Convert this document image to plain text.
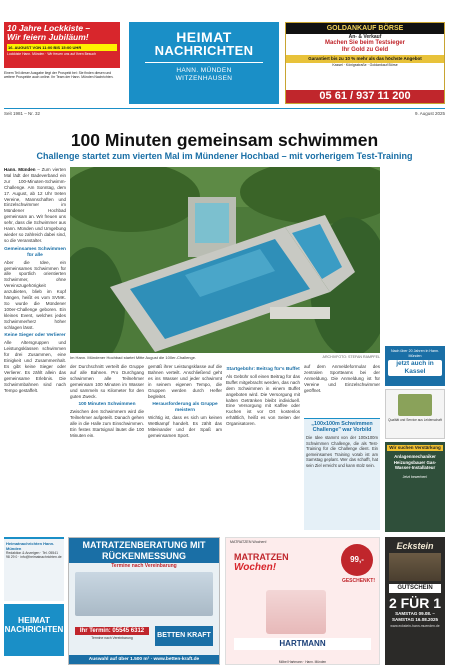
10 Jahre Lockkiste –
Wir feiern Jubiläum!
16. AUGUST VON 11:00 BIS 15:00 UHR
Lockkiste Hann. Münden · Wir freuen uns auf Ihren Besuch
Einem Teil dieser Ausgabe liegt der Prospekt bei: Sie finden diesen und weitere Prospekte auch online. Ihr Team der Hann. Münden Nachrichten.
HEIMAT
NACHRICHTEN
HANN. MÜNDEN
WITZENHAUSEN
GOLDANKAUF BÖRSE
An- & Verkauf
Machen Sie beim Testsieger
Ihr Gold zu Geld
Garantiert bis zu 10 % mehr als das höchste Angebot
Kassel · Königsstraße · Goldankauf Börse
05 61 / 937 11 200
Seit 1981 – Nr. 32	9. August 2025
100 Minuten gemeinsam schwimmen
Challenge startet zum vierten Mal im Mündener Hochbad – mit vorherigem Test-Training

Hann. Münden – Zum vierten Mal lädt der Badeverband ein zur 100-Minuten-Schwimm-Challenge. Am Sonntag, dem 17. August, ab 12 Uhr treten Vereine, Mannschaften und Einzelschwimmer im Mündener Hochbad gemeinsam an. Wir freuen uns sehr, dass die Schwimmer aus Hann. Münden und Umgebung wieder so zahlreich dabei sind, so die Veranstalter.

Gemeinsames Schwimmen für alle

Aber die Idee, ein gemeinsames Schwimmen für alle sportlich orientierten Schwimmer, ohne Vereinszugehörigkeit anzubieten, blieb im Kopf hängen, heißt es vom SVMK. So wurde die Mündener 100er-Challenge geboren. Ein kleines Event, welches jedes Schwimmerherz höher schlagen lässt.

Keine Sieger oder Verlierer

Alle Altersgruppen und Leistungsklassen schwimmen für drei Zusammen, eine Einigkeit und Zusammenhalt. Es gibt keine Sieger oder Verlierer. Es zählt allein das gemeinsame Erlebnis. Die Schwimmbahnen sind nach Tempo gestaffelt.

Im Hann. Mündener Hochbad startet Mitte August die 100er-Challenge.	ARCHIVFOTO: STEFAN RAMPFEL

der Durchschnitt verteilt die Gruppe auf alle Bahnen. Pro Durchgang schwimmen alle Teilnehmer gemeinsam 100 Minuten im Wasser und sammeln so Kilometer für den guten Zweck.

100 Minuten Schwimmen

Zwischen den Schwimmern wird die Teilnehmer aufgeteilt. Danach gehen alle in die Halle zum Einschwimmen. Ein festes Startsignal läutet die 100 Minuten ein.

gemäß ihrer Leistungsklasse auf die Bahnen verteilt. Anschließend geht es ins Wasser und jeder schwimmt in seinem eigenen Tempo, die Gruppen werden durch Helfer begleitet.

Herausforderung als Gruppe meistern

Wichtig ist, dass es sich um keinen Wettkampf handelt. Es zählt das Miteinander und der Spaß am gemeinsamen Sport.

Startgebühr: Beitrag für's Buffet

Als Gebühr soll einen Beitrag für das Buffet mitgebracht werden, das nach dem Schwimmen in einem Buffet angeboten wird. Die Versorgung mit kalten Getränken bleibt individuell. Eine Versorgung mit Kaffee oder Kuchen ist vor Ort kostenlos erhältlich, heißt es von Seiten der Organisatoren.

auf dem Anmeldeformular des zentralen Sportteams bei der Anmeldung. Die Anmeldung ist für Vereine und Einzelschwimmer geöffnet.

„100x100m Schwimmen Challenge" war Vorbild
Die Idee stammt von der 100x100m Schwimmen Challenge, die als Test-Training für die Challenge dient. Ein gemeinsames Training vorab ist am Samstag geplant. Wer das schafft, hat sein Ziel erreicht und kann stolz sein.
Nach über 20 Jahren in Hann. Münden
jetzt auch in Kassel
Qualität und Service aus Leidenschaft
Wir suchen Verstärkung
Anlagenmechaniker Heizungsbauer Gas-Wasser-Installateur
Jetzt bewerben!
Heimatnachrichten Hann. Münden
Redaktion & Anzeigen · Tel. 05541 98 29 0 · info@heimatnachrichten.de
HEIMAT
NACHRICHTEN
MATRATZENBERATUNG MIT RÜCKENMESSUNG
Termine nach Vereinbarung
Ihr Termin: 05545 6312
Termine nach Vereinbarung	BETTEN KRAFT
Auswahl auf über 1.500 m² · www.betten-kraft.de
MATRATZEN Wochen!
MATRATZEN
Wochen!
99,-
GESCHENKT!
HARTMANN
Möbel Hartmann · Hann. Münden
Eckstein
GUTSCHEIN
2 FÜR 1
SAMSTAG 09.08. – SAMSTAG 16.08.2025
www.eckstein-hann-muenden.de
